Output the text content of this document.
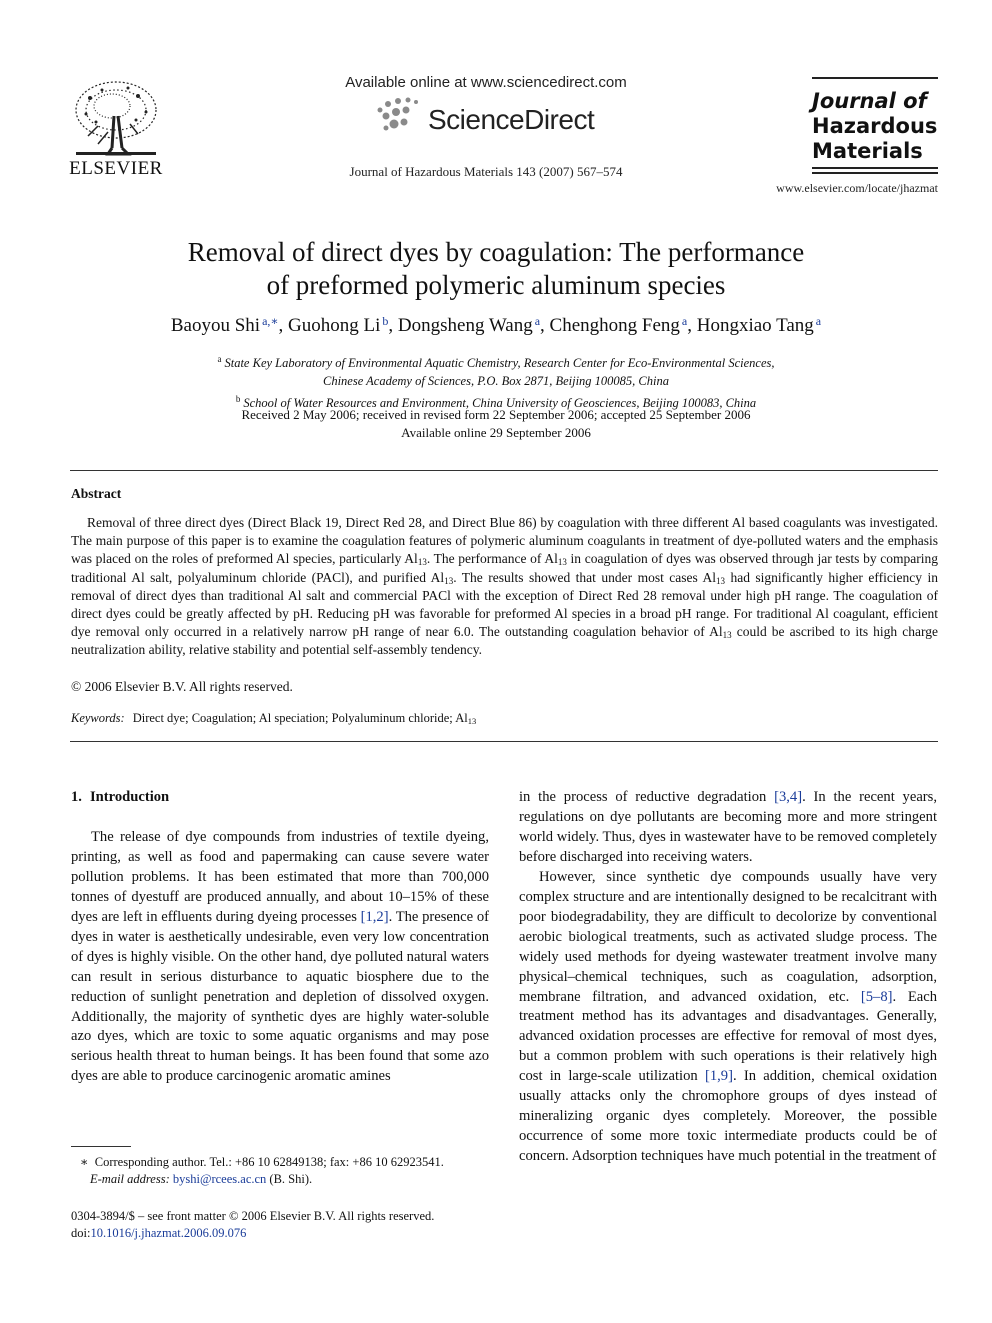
ELSEVIER
Available online at www.sciencedirect.com
ScienceDirect
Journal of Hazardous Materials 143 (2007) 567–574
Journal of
Hazardous
Materials
www.elsevier.com/locate/jhazmat
Removal of direct dyes by coagulation: The performance
of preformed polymeric aluminum species
Baoyou Shi $^{a,∗}$, Guohong Li $^b$, Dongsheng Wang $^a$, Chenghong Feng $^a$, Hongxiao Tang $^a$
$^a$ State Key Laboratory of Environmental Aquatic Chemistry, Research Center for Eco-Environmental Sciences,
Chinese Academy of Sciences, P.O. Box 2871, Beijing 100085, China
$^b$ School of Water Resources and Environment, China University of Geosciences, Beijing 100083, China
Received 2 May 2006; received in revised form 22 September 2006; accepted 25 September 2006
Available online 29 September 2006
Abstract

Removal of three direct dyes (Direct Black 19, Direct Red 28, and Direct Blue 86) by coagulation with three different Al based coagulants was investigated. The main purpose of this paper is to examine the coagulation features of polymeric aluminum coagulants in treatment of dye-polluted waters and the emphasis was placed on the roles of preformed Al species, particularly $Al_{13}$. The performance of $Al_{13}$ in coagulation of dyes was observed through jar tests by comparing traditional Al salt, polyaluminum chloride (PACl), and purified $Al_{13}$. The results showed that under most cases $Al_{13}$ had significantly higher efficiency in removal of direct dyes than traditional Al salt and commercial PACl with the exception of Direct Red 28 removal under high pH range. The coagulation of direct dyes could be greatly affected by pH. Reducing pH was favorable for preformed Al species in a broad pH range. For traditional Al coagulant, efficient dye removal only occurred in a relatively narrow pH range of near 6.0. The outstanding coagulation behavior of $Al_{13}$ could be ascribed to its high charge neutralization ability, relative stability and potential self-assembly tendency.

© 2006 Elsevier B.V. All rights reserved.
Keywords: Direct dye; Coagulation; Al speciation; Polyaluminum chloride; $Al_{13}$
1. Introduction

The release of dye compounds from industries of textile dyeing, printing, as well as food and papermaking can cause severe water pollution problems. It has been estimated that more than 700,000 tonnes of dyestuff are produced annually, and about 10–15% of these dyes are left in effluents during dyeing processes [1,2]. The presence of dyes in water is aesthetically undesirable, even very low concentration of dyes is highly visible. On the other hand, dye polluted natural waters can result in serious disturbance to aquatic biosphere due to the reduction of sunlight penetration and depletion of dissolved oxygen. Additionally, the majority of synthetic dyes are highly water-soluble azo dyes, which are toxic to some aquatic organisms and may pose serious health threat to human beings. It has been found that some azo dyes are able to produce carcinogenic aromatic amines

in the process of reductive degradation [3,4]. In the recent years, regulations on dye pollutants are becoming more and more stringent world widely. Thus, dyes in wastewater have to be removed completely before discharged into receiving waters.

However, since synthetic dye compounds usually have very complex structure and are intentionally designed to be recalcitrant with poor biodegradability, they are difficult to decolorize by conventional aerobic biological treatments, such as activated sludge process. The widely used methods for dyeing wastewater treatment involve many physical–chemical techniques, such as coagulation, adsorption, membrane filtration, and advanced oxidation, etc. [5–8]. Each treatment method has its advantages and disadvantages. Generally, advanced oxidation processes are effective for removal of most dyes, but a common problem with such operations is their relatively high cost in large-scale utilization [1,9]. In addition, chemical oxidation usually attacks only the chromophore groups of dyes instead of mineralizing organic dyes completely. Moreover, the possible occurrence of some more toxic intermediate products could be of concern. Adsorption techniques have much potential in the treatment of

∗ Corresponding author. Tel.: +86 10 62849138; fax: +86 10 62923541.
E-mail address: byshi@rcees.ac.cn (B. Shi).
0304-3894/$ – see front matter © 2006 Elsevier B.V. All rights reserved.
doi:10.1016/j.jhazmat.2006.09.076
